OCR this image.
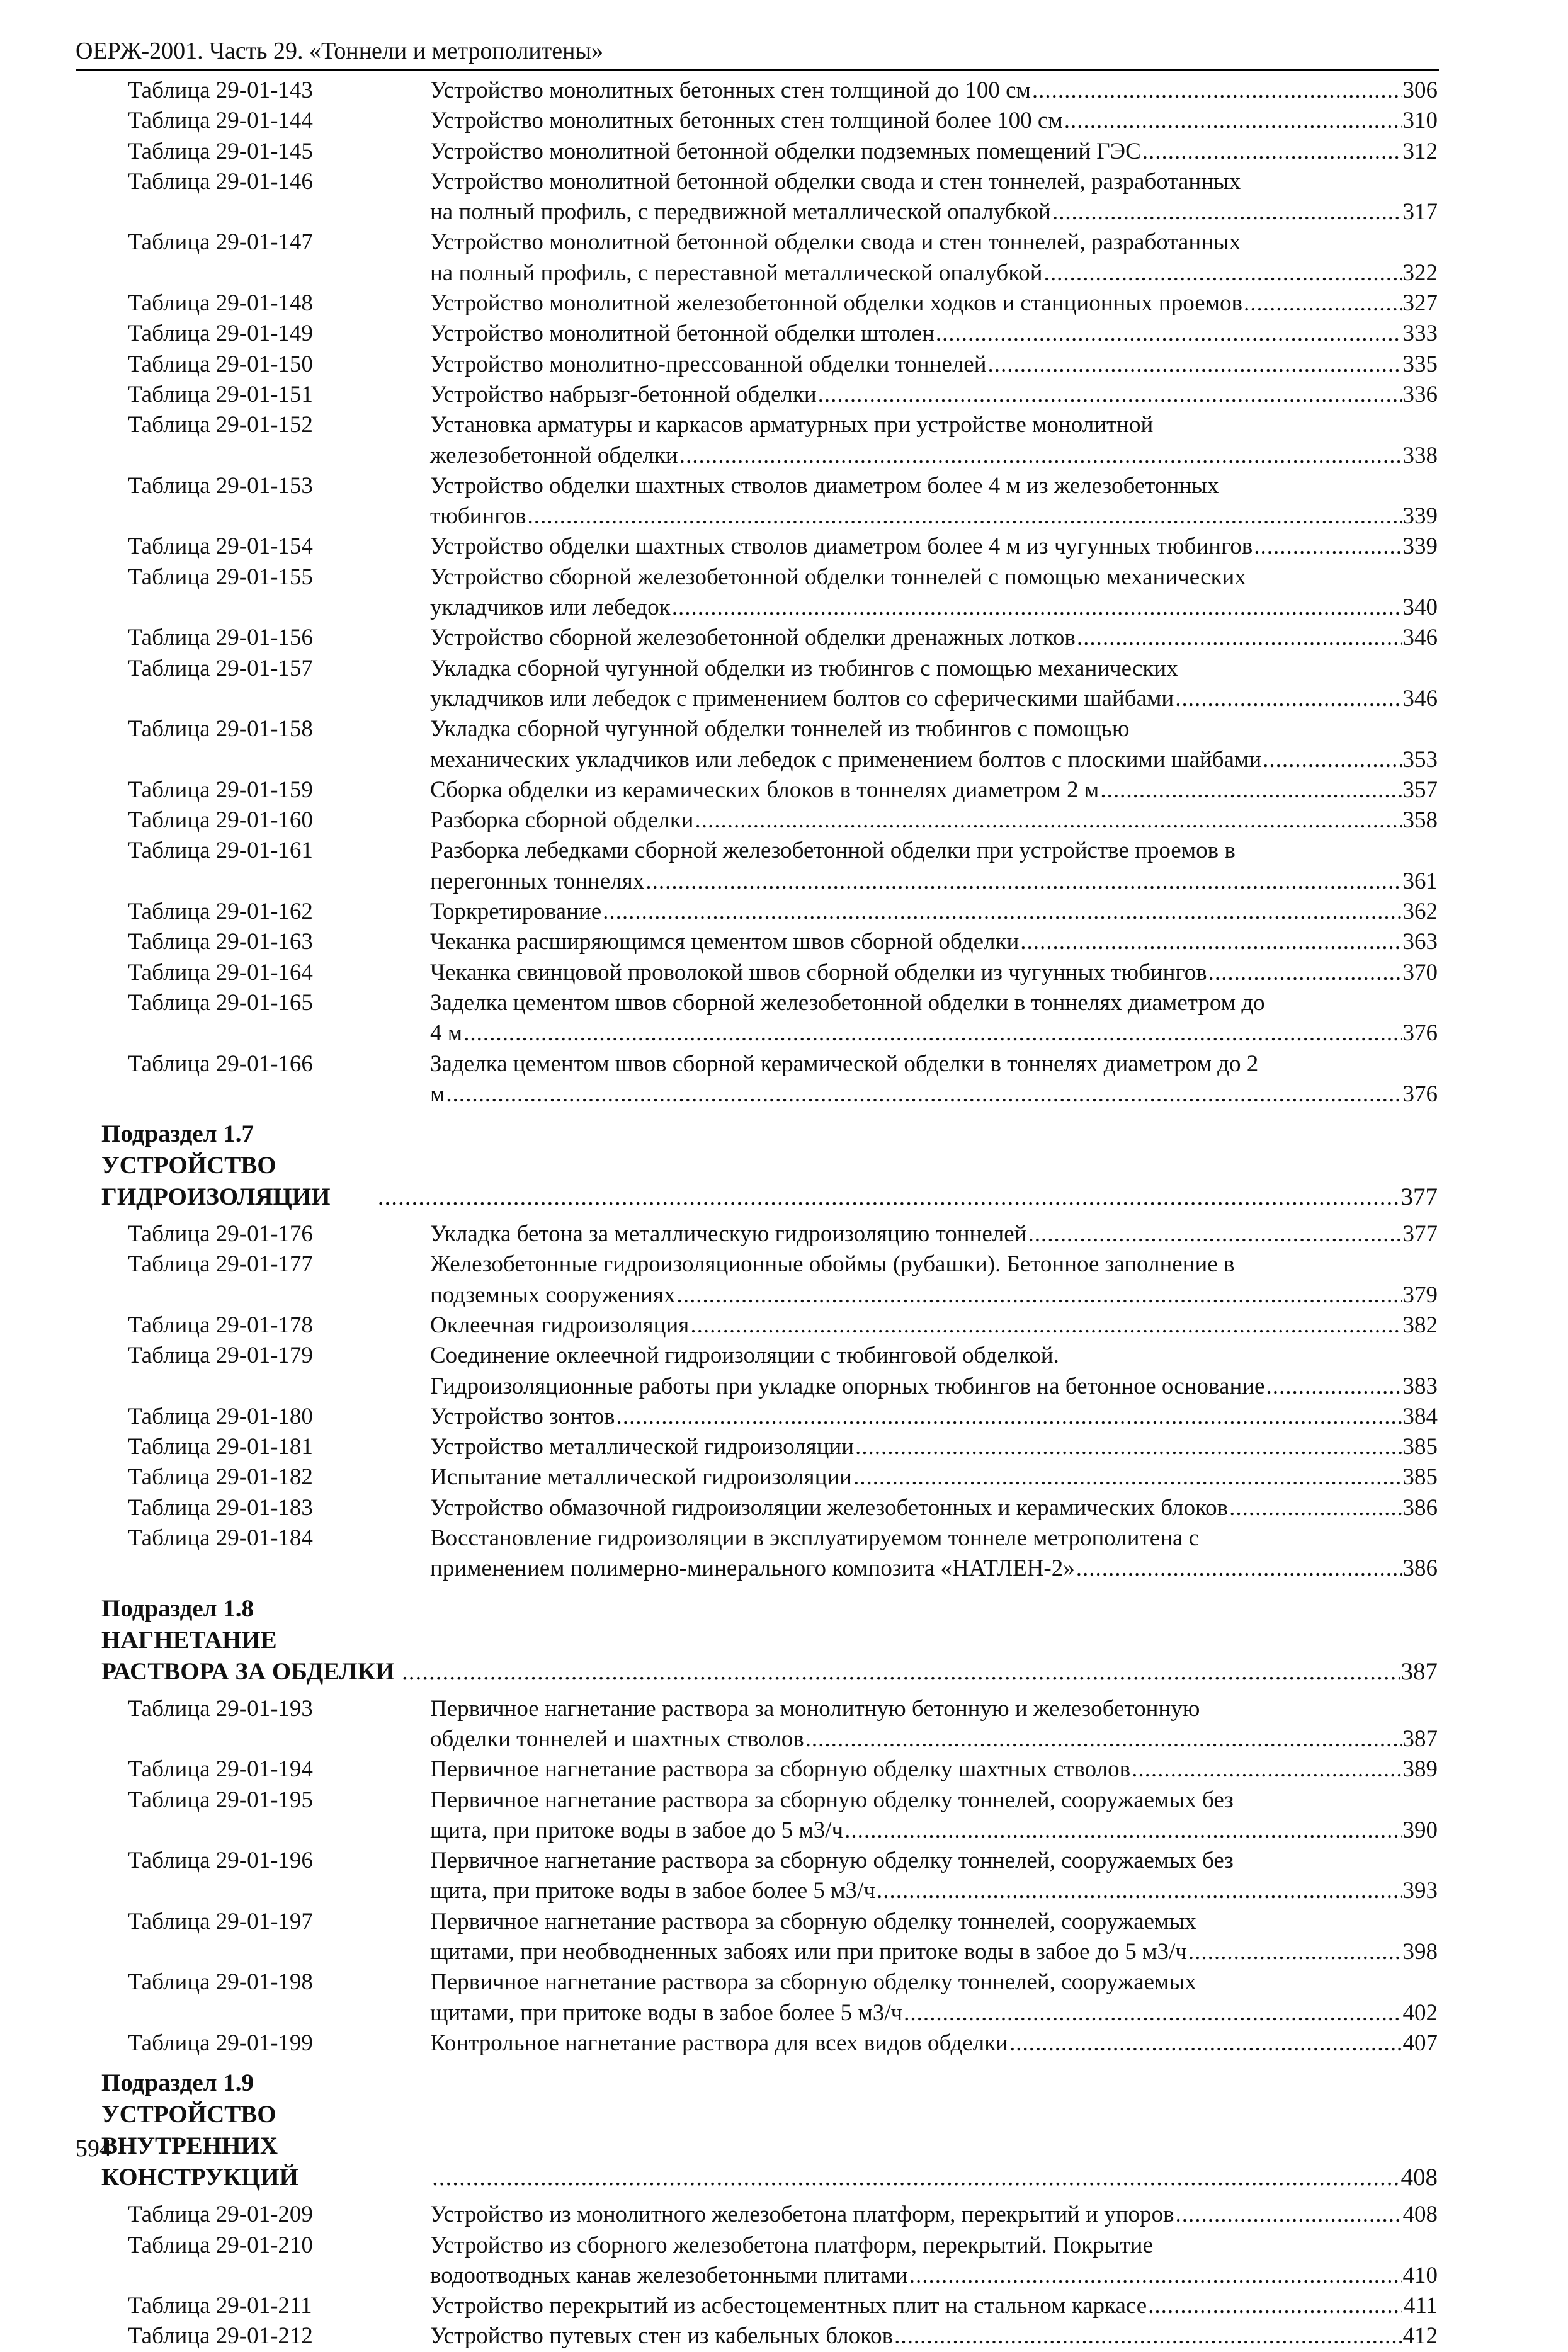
ОЕРЖ-2001. Часть 29. «Тоннели и метрополитены»
Таблица 29-01-143	Устройство монолитных бетонных стен толщиной до 100 см .....	306
Таблица 29-01-144	Устройство монолитных бетонных стен толщиной более 100 см .....	310
Таблица 29-01-145	Устройство монолитной бетонной обделки подземных помещений ГЭС .....	312
Таблица 29-01-146	Устройство монолитной бетонной обделки свода и стен тоннелей, разработанных
на полный профиль, с передвижной металлической опалубкой .....	317
Таблица 29-01-147	Устройство монолитной бетонной обделки свода и стен тоннелей, разработанных
на полный профиль, с переставной металлической опалубкой .....	322
Таблица 29-01-148	Устройство монолитной железобетонной обделки ходков и станционных проемов .....	327
Таблица 29-01-149	Устройство монолитной бетонной обделки штолен .....	333
Таблица 29-01-150	Устройство монолитно-прессованной обделки тоннелей .....	335
Таблица 29-01-151	Устройство набрызг-бетонной обделки .....	336
Таблица 29-01-152	Установка арматуры и каркасов арматурных при устройстве монолитной
железобетонной обделки .....	338
Таблица 29-01-153	Устройство обделки шахтных стволов диаметром более 4 м из железобетонных
тюбингов .....	339
Таблица 29-01-154	Устройство обделки шахтных стволов диаметром более 4 м из чугунных тюбингов .....	339
Таблица 29-01-155	Устройство сборной железобетонной обделки тоннелей с помощью механических
укладчиков или лебедок .....	340
Таблица 29-01-156	Устройство сборной железобетонной обделки дренажных лотков .....	346
Таблица 29-01-157	Укладка сборной чугунной обделки из тюбингов с помощью механических
укладчиков или лебедок с применением болтов со сферическими шайбами .....	346
Таблица 29-01-158	Укладка сборной чугунной обделки тоннелей из тюбингов с помощью
механических укладчиков или лебедок с применением болтов с плоскими шайбами .....	353
Таблица 29-01-159	Сборка обделки из керамических блоков в тоннелях диаметром 2 м .....	357
Таблица 29-01-160	Разборка сборной обделки .....	358
Таблица 29-01-161	Разборка лебедками сборной железобетонной обделки при устройстве проемов в
перегонных тоннелях .....	361
Таблица 29-01-162	Торкретирование .....	362
Таблица 29-01-163	Чеканка расширяющимся цементом швов сборной обделки .....	363
Таблица 29-01-164	Чеканка свинцовой проволокой швов сборной обделки из чугунных тюбингов .....	370
Таблица 29-01-165	Заделка цементом швов сборной железобетонной обделки в тоннелях диаметром до
4 м .....	376
Таблица 29-01-166	Заделка цементом швов сборной керамической обделки в тоннелях диаметром до 2
м .....	376
Подраздел 1.7 УСТРОЙСТВО ГИДРОИЗОЛЯЦИИ .....	377
Таблица 29-01-176	Укладка бетона за металлическую гидроизоляцию тоннелей .....	377
Таблица 29-01-177	Железобетонные гидроизоляционные обоймы (рубашки). Бетонное заполнение в
подземных сооружениях .....	379
Таблица 29-01-178	Оклеечная гидроизоляция .....	382
Таблица 29-01-179	Соединение оклеечной гидроизоляции с тюбинговой обделкой.
Гидроизоляционные работы при укладке опорных тюбингов на бетонное основание .....	383
Таблица 29-01-180	Устройство зонтов .....	384
Таблица 29-01-181	Устройство металлической гидроизоляции .....	385
Таблица 29-01-182	Испытание металлической гидроизоляции .....	385
Таблица 29-01-183	Устройство обмазочной гидроизоляции железобетонных и керамических блоков .....	386
Таблица 29-01-184	Восстановление гидроизоляции в эксплуатируемом тоннеле метрополитена с
применением полимерно-минерального композита «НАТЛЕН-2» .....	386
Подраздел 1.8 НАГНЕТАНИЕ РАСТВОРА ЗА ОБДЕЛКИ .....	387
Таблица 29-01-193	Первичное нагнетание раствора за монолитную бетонную и железобетонную
обделки тоннелей и шахтных стволов .....	387
Таблица 29-01-194	Первичное нагнетание раствора за сборную обделку шахтных стволов .....	389
Таблица 29-01-195	Первичное нагнетание раствора за сборную обделку тоннелей, сооружаемых без
щита, при притоке воды в забое до 5 м3/ч .....	390
Таблица 29-01-196	Первичное нагнетание раствора за сборную обделку тоннелей, сооружаемых без
щита, при притоке воды в забое более 5 м3/ч .....	393
Таблица 29-01-197	Первичное нагнетание раствора за сборную обделку тоннелей, сооружаемых
щитами, при необводненных забоях или при притоке воды в забое до 5 м3/ч .....	398
Таблица 29-01-198	Первичное нагнетание раствора за сборную обделку тоннелей, сооружаемых
щитами, при притоке воды в забое более 5 м3/ч .....	402
Таблица 29-01-199	Контрольное нагнетание раствора для всех видов обделки .....	407
Подраздел 1.9 УСТРОЙСТВО ВНУТРЕННИХ КОНСТРУКЦИЙ .....	408
Таблица 29-01-209	Устройство из монолитного железобетона платформ, перекрытий и упоров .....	408
Таблица 29-01-210	Устройство из сборного железобетона платформ, перекрытий. Покрытие
водоотводных канав железобетонными плитами .....	410
Таблица 29-01-211	Устройство перекрытий из асбестоцементных плит на стальном каркасе .....	411
Таблица 29-01-212	Устройство путевых стен из кабельных блоков .....	412
594
